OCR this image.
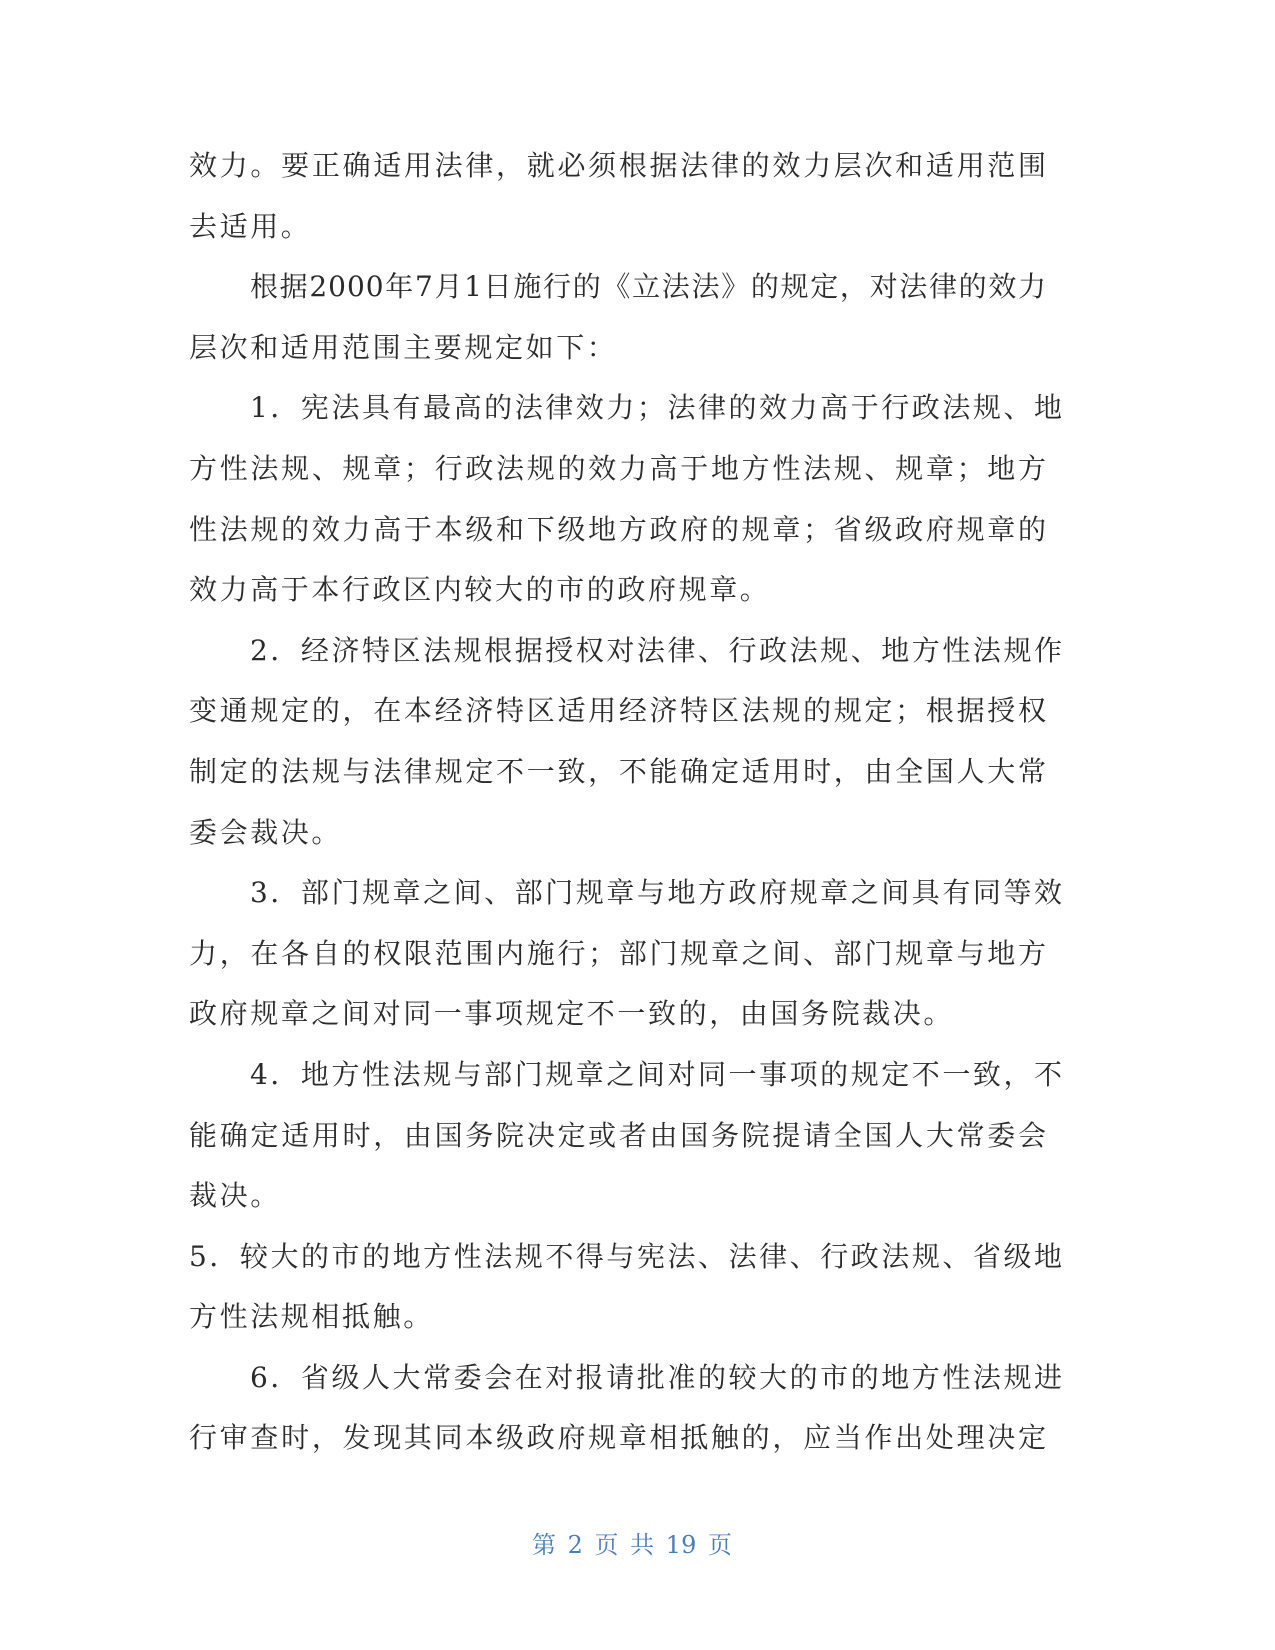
效力。要正确适用法律，就必须根据法律的效力层次和适用范围
去适用。
根据2000年7月1日施行的《立法法》的规定，对法律的效力
层次和适用范围主要规定如下：
1．宪法具有最高的法律效力；法律的效力高于行政法规、地
方性法规、规章；行政法规的效力高于地方性法规、规章；地方
性法规的效力高于本级和下级地方政府的规章；省级政府规章的
效力高于本行政区内较大的市的政府规章。
2．经济特区法规根据授权对法律、行政法规、地方性法规作
变通规定的，在本经济特区适用经济特区法规的规定；根据授权
制定的法规与法律规定不一致，不能确定适用时，由全国人大常
委会裁决。
3．部门规章之间、部门规章与地方政府规章之间具有同等效
力，在各自的权限范围内施行；部门规章之间、部门规章与地方
政府规章之间对同一事项规定不一致的，由国务院裁决。
4．地方性法规与部门规章之间对同一事项的规定不一致，不
能确定适用时，由国务院决定或者由国务院提请全国人大常委会
裁决。
5．较大的市的地方性法规不得与宪法、法律、行政法规、省级地
方性法规相抵触。
6．省级人大常委会在对报请批准的较大的市的地方性法规进
行审查时，发现其同本级政府规章相抵触的，应当作出处理决定
第 2 页 共 19 页
